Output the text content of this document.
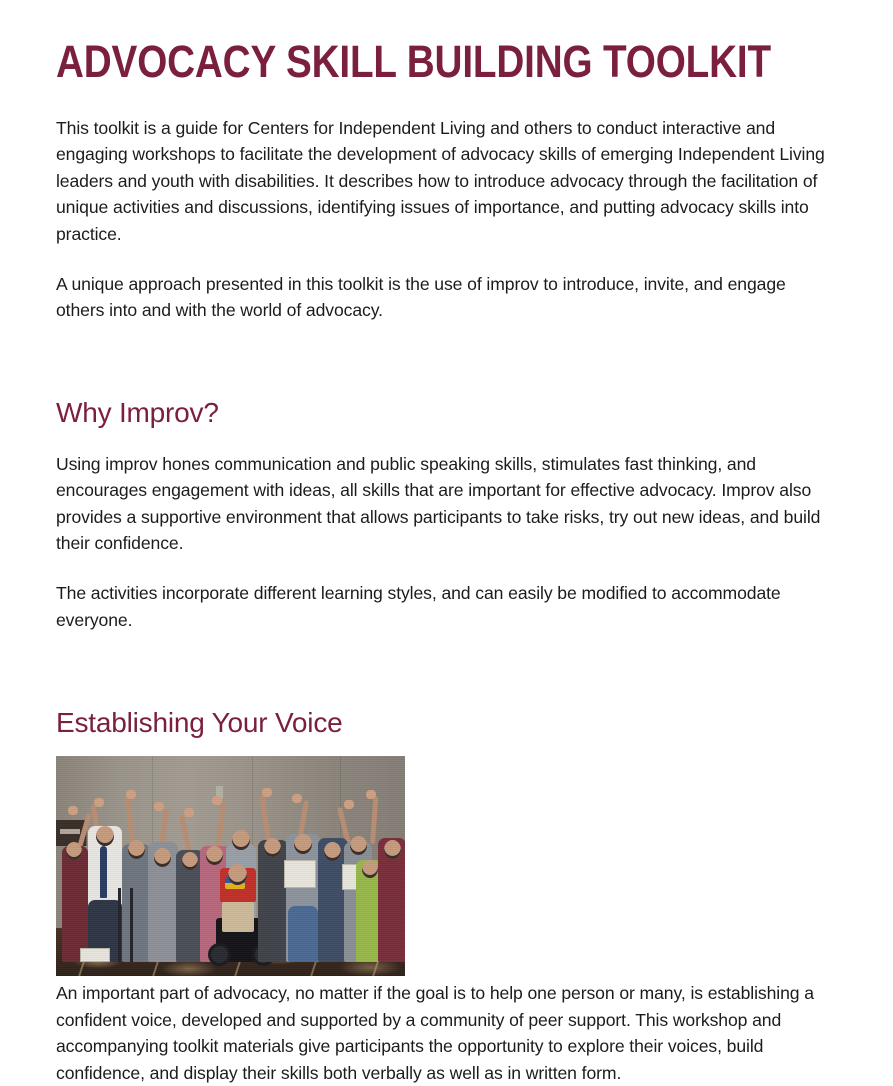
ADVOCACY SKILL BUILDING TOOLKIT

This toolkit is a guide for Centers for Independent Living and others to conduct interactive and engaging workshops to facilitate the development of advocacy skills of emerging Independent Living leaders and youth with disabilities. It describes how to introduce advocacy through the facilitation of unique activities and discussions, identifying issues of importance, and putting advocacy skills into practice.

A unique approach presented in this toolkit is the use of improv to introduce, invite, and engage others into and with the world of advocacy.

Why Improv?

Using improv hones communication and public speaking skills, stimulates fast thinking, and encourages engagement with ideas, all skills that are important for effective advocacy. Improv also provides a supportive environment that allows participants to take risks, try out new ideas, and build their confidence.

The activities incorporate different learning styles, and can easily be modified to accommodate everyone.

Establishing Your Voice

An important part of advocacy, no matter if the goal is to help one person or many, is establishing a confident voice, developed and supported by a community of peer support. This workshop and accompanying toolkit materials give participants the opportunity to explore their voices, build confidence, and display their skills both verbally as well as in written form.
